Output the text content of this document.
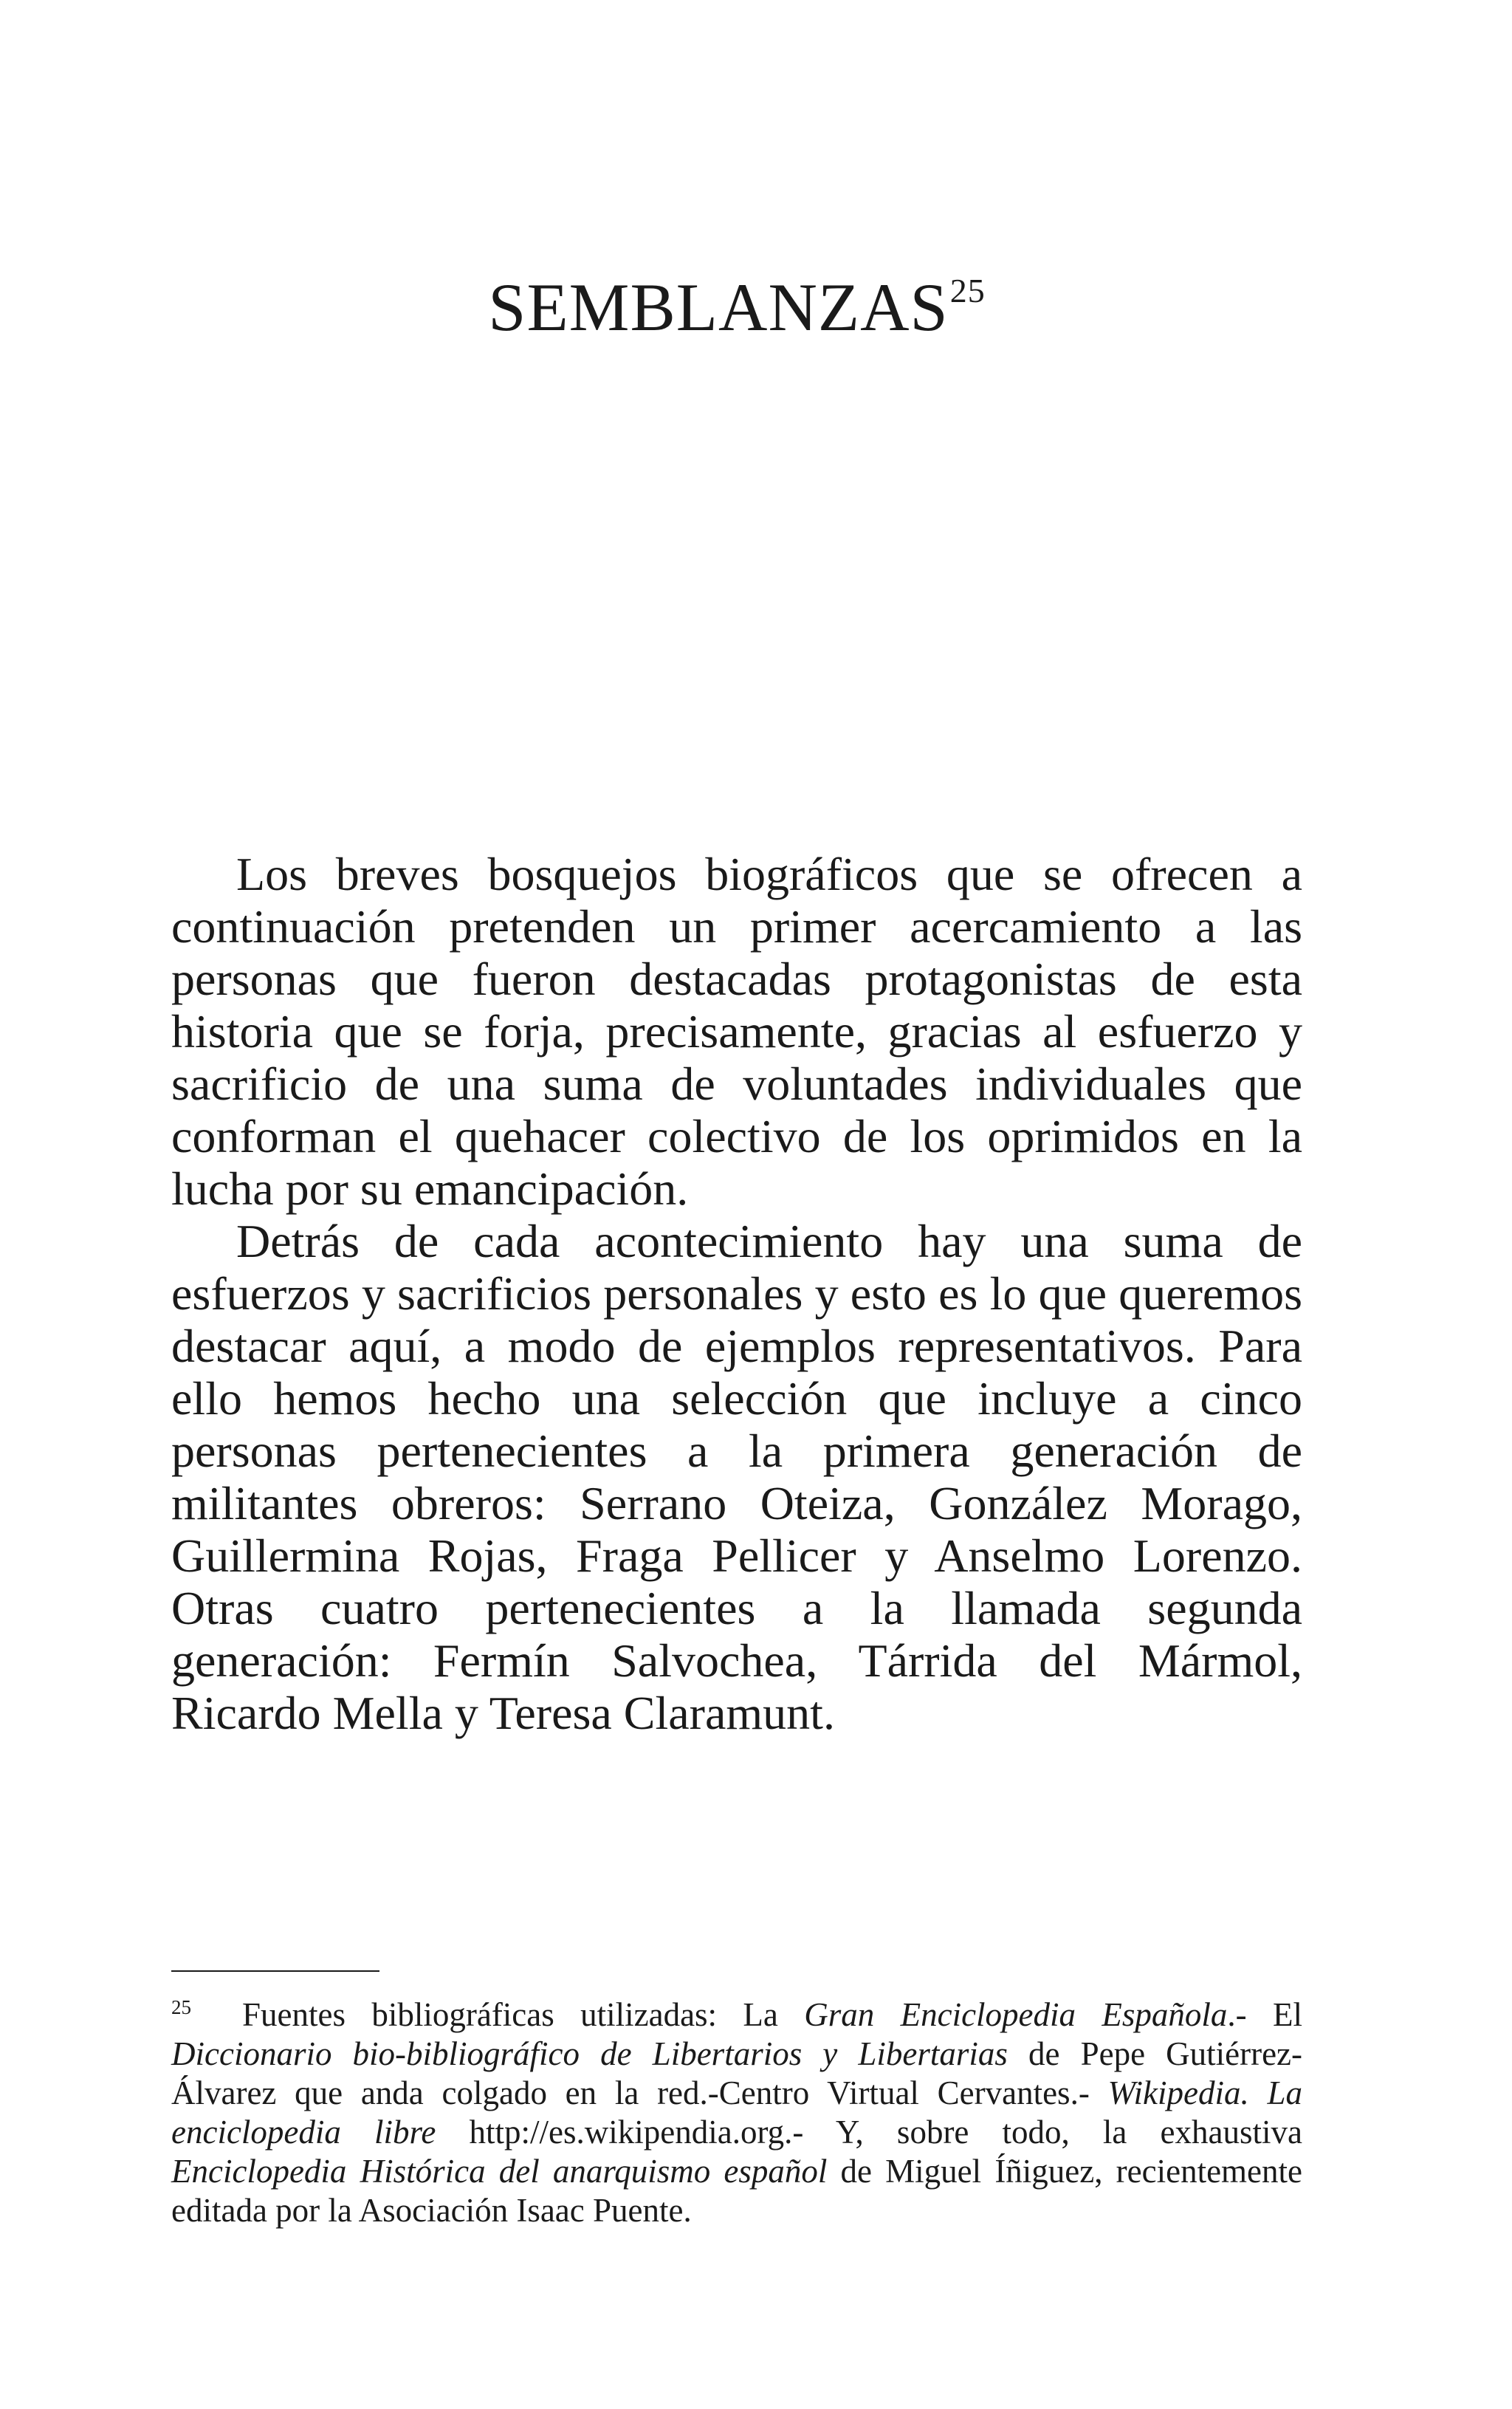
SEMBLANZAS$^{25}$

Los breves bosquejos biográficos que se ofrecen a continuación pretenden un primer acercamiento a las personas que fueron destacadas protagonistas de esta historia que se forja, precisamente, gracias al esfuerzo y sacrificio de una suma de voluntades individuales que conforman el quehacer colectivo de los oprimidos en la lucha por su emancipación.

Detrás de cada acontecimiento hay una suma de esfuerzos y sacrificios personales y esto es lo que queremos destacar aquí, a modo de ejemplos representativos. Para ello hemos hecho una selección que incluye a cinco personas pertenecientes a la primera generación de militantes obreros: Serrano Oteiza, González Morago, Guillermina Rojas, Fraga Pellicer y Anselmo Lorenzo. Otras cuatro pertenecientes a la llamada segunda generación: Fermín Salvochea, Tárrida del Mármol, Ricardo Mella y Teresa Claramunt.

25 Fuentes bibliográficas utilizadas: La Gran Enciclopedia Española.- El Diccionario bio-bibliográfico de Libertarios y Libertarias de Pepe Gutiérrez-Álvarez que anda colgado en la red.-Centro Virtual Cervantes.- Wikipedia. La enciclopedia libre http://es.wikipendia.org.- Y, sobre todo, la exhaustiva Enciclopedia Histórica del anarquismo español de Miguel Íñiguez, recientemente editada por la Asociación Isaac Puente.
